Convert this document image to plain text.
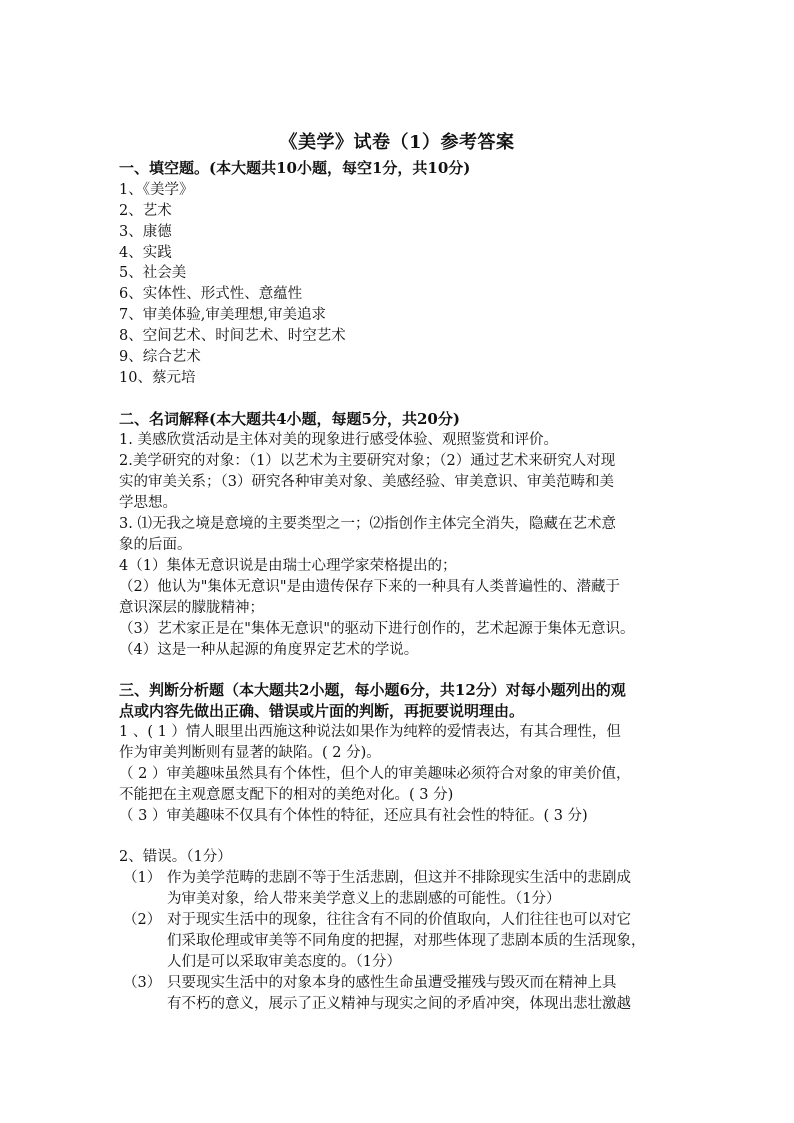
《美学》试卷（1）参考答案
一、填空题。(本大题共10小题，每空1分，共10分)
1、《美学》
2、艺术
3、康德
4、实践
5、社会美
6、实体性、形式性、意蕴性
7、审美体验,审美理想,审美追求
8、空间艺术、时间艺术、时空艺术
9、综合艺术
10、蔡元培
二、名词解释(本大题共4小题，每题5分，共20分)
1. 美感欣赏活动是主体对美的现象进行感受体验、观照鉴赏和评价。
2.美学研究的对象：（1）以艺术为主要研究对象；（2）通过艺术来研究人对现
实的审美关系；（3）研究各种审美对象、美感经验、审美意识、审美范畴和美
学思想。
3. ⑴无我之境是意境的主要类型之一；⑵指创作主体完全消失，隐藏在艺术意
象的后面。
4（1）集体无意识说是由瑞士心理学家荣格提出的；
（2）他认为"集体无意识"是由遗传保存下来的一种具有人类普遍性的、潜藏于
意识深层的朦胧精神；
（3）艺术家正是在"集体无意识"的驱动下进行创作的，艺术起源于集体无意识。
（4）这是一种从起源的角度界定艺术的学说。
三、判断分析题（本大题共2小题，每小题6分，共12分）对每小题列出的观
点或内容先做出正确、错误或片面的判断，再扼要说明理由。
1 、( 1 ）情人眼里出西施这种说法如果作为纯粹的爱情表达，有其合理性，但
作为审美判断则有显著的缺陷。( 2 分)。
（ 2 ）审美趣味虽然具有个体性，但个人的审美趣味必须符合对象的审美价值，
不能把在主观意愿支配下的相对的美绝对化。( 3 分)
（ 3 ）审美趣味不仅具有个体性的特征，还应具有社会性的特征。( 3 分)
2、错误。（1分）
（1） 作为美学范畴的悲剧不等于生活悲剧，但这并不排除现实生活中的悲剧成
为审美对象，给人带来美学意义上的悲剧感的可能性。（1分）
（2） 对于现实生活中的现象，往往含有不同的价值取向，人们往往也可以对它
们采取伦理或审美等不同角度的把握，对那些体现了悲剧本质的生活现象，
人们是可以采取审美态度的。（1分）
（3） 只要现实生活中的对象本身的感性生命虽遭受摧残与毁灭而在精神上具
有不朽的意义，展示了正义精神与现实之间的矛盾冲突，体现出悲壮激越
